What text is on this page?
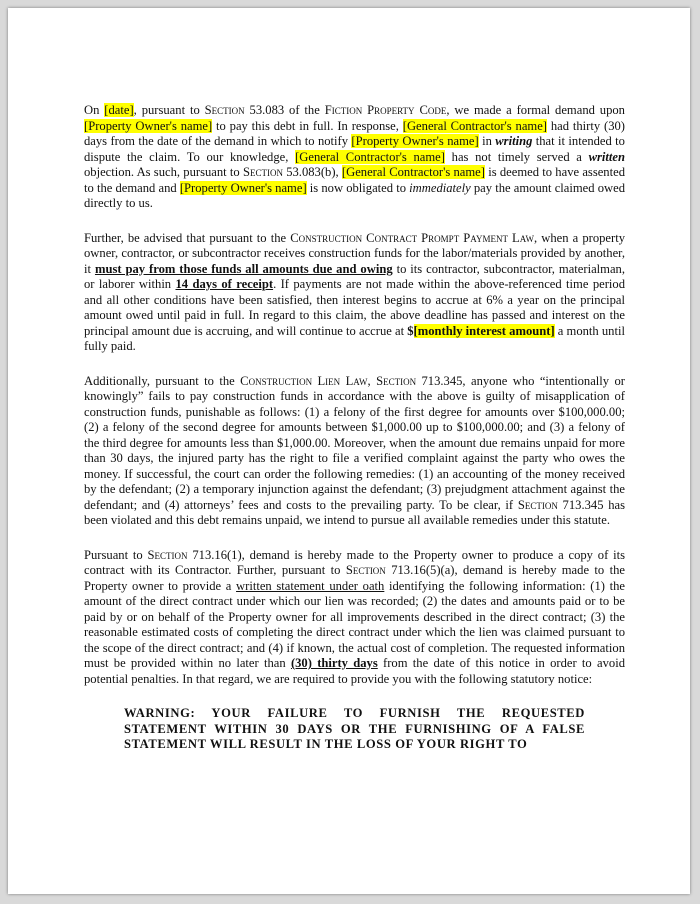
On [date], pursuant to Section 53.083 of the Fiction Property Code, we made a formal demand upon [Property Owner's name] to pay this debt in full. In response, [General Contractor's name] had thirty (30) days from the date of the demand in which to notify [Property Owner's name] in writing that it intended to dispute the claim. To our knowledge, [General Contractor's name] has not timely served a written objection. As such, pursuant to Section 53.083(b), [General Contractor's name] is deemed to have assented to the demand and [Property Owner's name] is now obligated to immediately pay the amount claimed owed directly to us.

Further, be advised that pursuant to the Construction Contract Prompt Payment Law, when a property owner, contractor, or subcontractor receives construction funds for the labor/materials provided by another, it must pay from those funds all amounts due and owing to its contractor, subcontractor, materialman, or laborer within 14 days of receipt. If payments are not made within the above-referenced time period and all other conditions have been satisfied, then interest begins to accrue at 6% a year on the principal amount owed until paid in full. In regard to this claim, the above deadline has passed and interest on the principal amount due is accruing, and will continue to accrue at $[monthly interest amount] a month until fully paid.

Additionally, pursuant to the Construction Lien Law, Section 713.345, anyone who “intentionally or knowingly” fails to pay construction funds in accordance with the above is guilty of misapplication of construction funds, punishable as follows: (1) a felony of the first degree for amounts over $100,000.00; (2) a felony of the second degree for amounts between $1,000.00 up to $100,000.00; and (3) a felony of the third degree for amounts less than $1,000.00. Moreover, when the amount due remains unpaid for more than 30 days, the injured party has the right to file a verified complaint against the party who owes the money. If successful, the court can order the following remedies: (1) an accounting of the money received by the defendant; (2) a temporary injunction against the defendant; (3) prejudgment attachment against the defendant; and (4) attorneys’ fees and costs to the prevailing party. To be clear, if Section 713.345 has been violated and this debt remains unpaid, we intend to pursue all available remedies under this statute.

Pursuant to Section 713.16(1), demand is hereby made to the Property owner to produce a copy of its contract with its Contractor. Further, pursuant to Section 713.16(5)(a), demand is hereby made to the Property owner to provide a written statement under oath identifying the following information: (1) the amount of the direct contract under which our lien was recorded; (2) the dates and amounts paid or to be paid by or on behalf of the Property owner for all improvements described in the direct contract; (3) the reasonable estimated costs of completing the direct contract under which the lien was claimed pursuant to the scope of the direct contract; and (4) if known, the actual cost of completion. The requested information must be provided within no later than (30) thirty days from the date of this notice in order to avoid potential penalties. In that regard, we are required to provide you with the following statutory notice:

WARNING: YOUR FAILURE TO FURNISH THE REQUESTED STATEMENT WITHIN 30 DAYS OR THE FURNISHING OF A FALSE STATEMENT WILL RESULT IN THE LOSS OF YOUR RIGHT TO
